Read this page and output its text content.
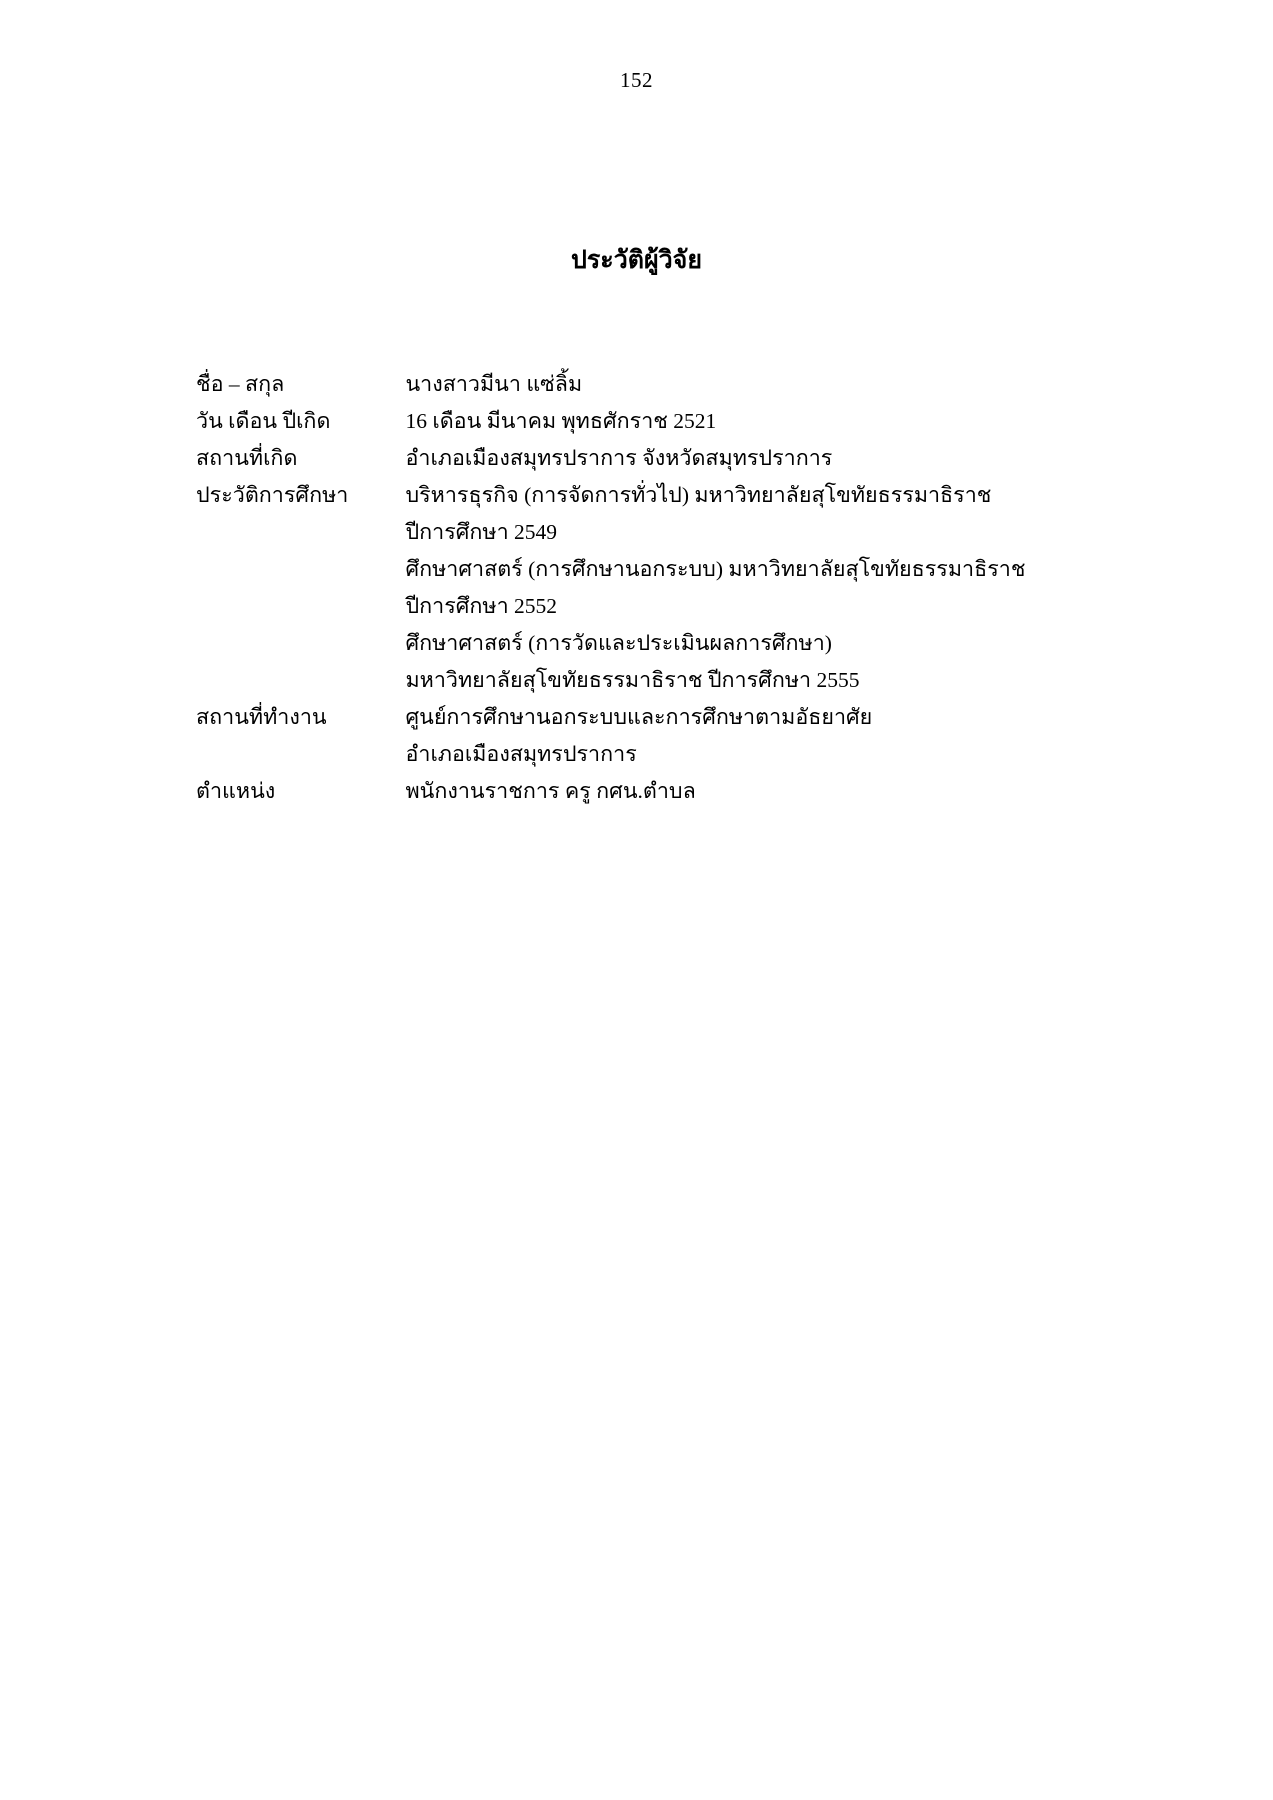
152
ประวัติผู้วิจัย
ชื่อ – สกุล	นางสาวมีนา แซ่ลิ้ม

วัน เดือน ปีเกิด	16 เดือน มีนาคม พุทธศักราช 2521

สถานที่เกิด	อำเภอเมืองสมุทรปราการ จังหวัดสมุทรปราการ

ประวัติการศึกษา	บริหารธุรกิจ (การจัดการทั่วไป) มหาวิทยาลัยสุโขทัยธรรมาธิราช
ปีการศึกษา 2549
ศึกษาศาสตร์ (การศึกษานอกระบบ) มหาวิทยาลัยสุโขทัยธรรมาธิราช
ปีการศึกษา 2552
ศึกษาศาสตร์ (การวัดและประเมินผลการศึกษา)
มหาวิทยาลัยสุโขทัยธรรมาธิราช ปีการศึกษา 2555

สถานที่ทำงาน	ศูนย์การศึกษานอกระบบและการศึกษาตามอัธยาศัย
อำเภอเมืองสมุทรปราการ

ตำแหน่ง	พนักงานราชการ ครู กศน.ตำบล
